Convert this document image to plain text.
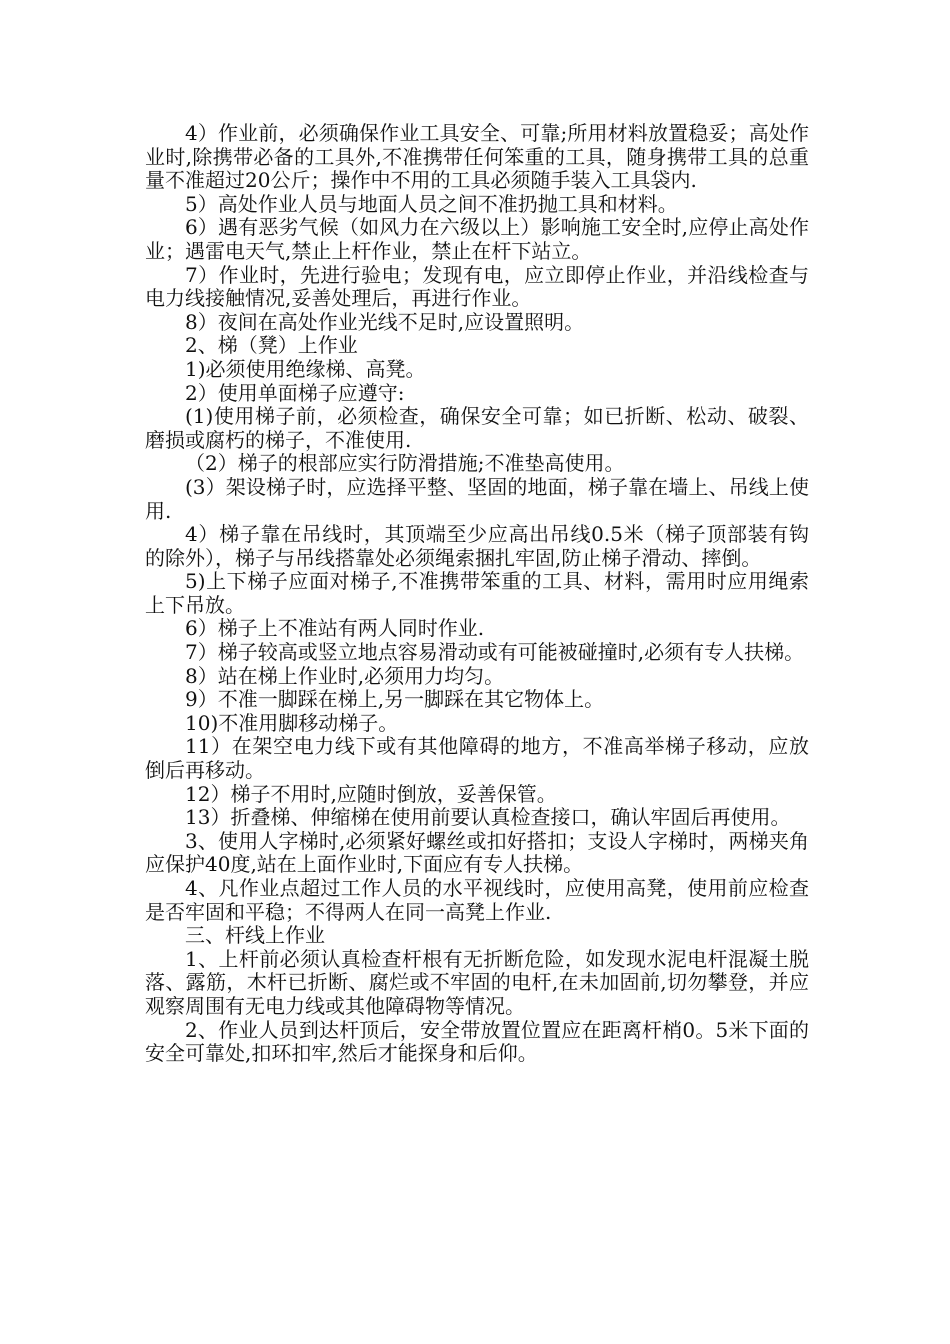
4）作业前，必须确保作业工具安全、可靠;所用材料放置稳妥；高处作业时,除携带必备的工具外,不准携带任何笨重的工具，随身携带工具的总重量不准超过20公斤；操作中不用的工具必须随手装入工具袋内.

5）高处作业人员与地面人员之间不准扔抛工具和材料。

6）遇有恶劣气候（如风力在六级以上）影响施工安全时,应停止高处作业；遇雷电天气,禁止上杆作业，禁止在杆下站立。

7）作业时，先进行验电；发现有电，应立即停止作业，并沿线检查与电力线接触情况,妥善处理后，再进行作业。

8）夜间在高处作业光线不足时,应设置照明。

2、梯（凳）上作业

1)必须使用绝缘梯、高凳。

2）使用单面梯子应遵守:

(1)使用梯子前，必须检查，确保安全可靠；如已折断、松动、破裂、磨损或腐朽的梯子，不准使用.

（2）梯子的根部应实行防滑措施;不准垫高使用。

(3）架设梯子时，应选择平整、坚固的地面，梯子靠在墙上、吊线上使用.

4）梯子靠在吊线时，其顶端至少应高出吊线0.5米（梯子顶部装有钩的除外），梯子与吊线搭靠处必须绳索捆扎牢固,防止梯子滑动、摔倒。

5)上下梯子应面对梯子,不准携带笨重的工具、材料，需用时应用绳索上下吊放。

6）梯子上不准站有两人同时作业.

7）梯子较高或竖立地点容易滑动或有可能被碰撞时,必须有专人扶梯。

8）站在梯上作业时,必须用力均匀。

9）不准一脚踩在梯上,另一脚踩在其它物体上。

10)不准用脚移动梯子。

11）在架空电力线下或有其他障碍的地方，不准高举梯子移动，应放倒后再移动。

12）梯子不用时,应随时倒放，妥善保管。

13）折叠梯、伸缩梯在使用前要认真检查接口，确认牢固后再使用。

3、使用人字梯时,必须紧好螺丝或扣好搭扣；支设人字梯时，两梯夹角应保护40度,站在上面作业时,下面应有专人扶梯。

4、凡作业点超过工作人员的水平视线时，应使用高凳，使用前应检查是否牢固和平稳；不得两人在同一高凳上作业.

三、杆线上作业

1、上杆前必须认真检查杆根有无折断危险，如发现水泥电杆混凝土脱落、露筋，木杆已折断、腐烂或不牢固的电杆,在未加固前,切勿攀登，并应观察周围有无电力线或其他障碍物等情况。

2、作业人员到达杆顶后，安全带放置位置应在距离杆梢0。5米下面的安全可靠处,扣环扣牢,然后才能探身和后仰。
